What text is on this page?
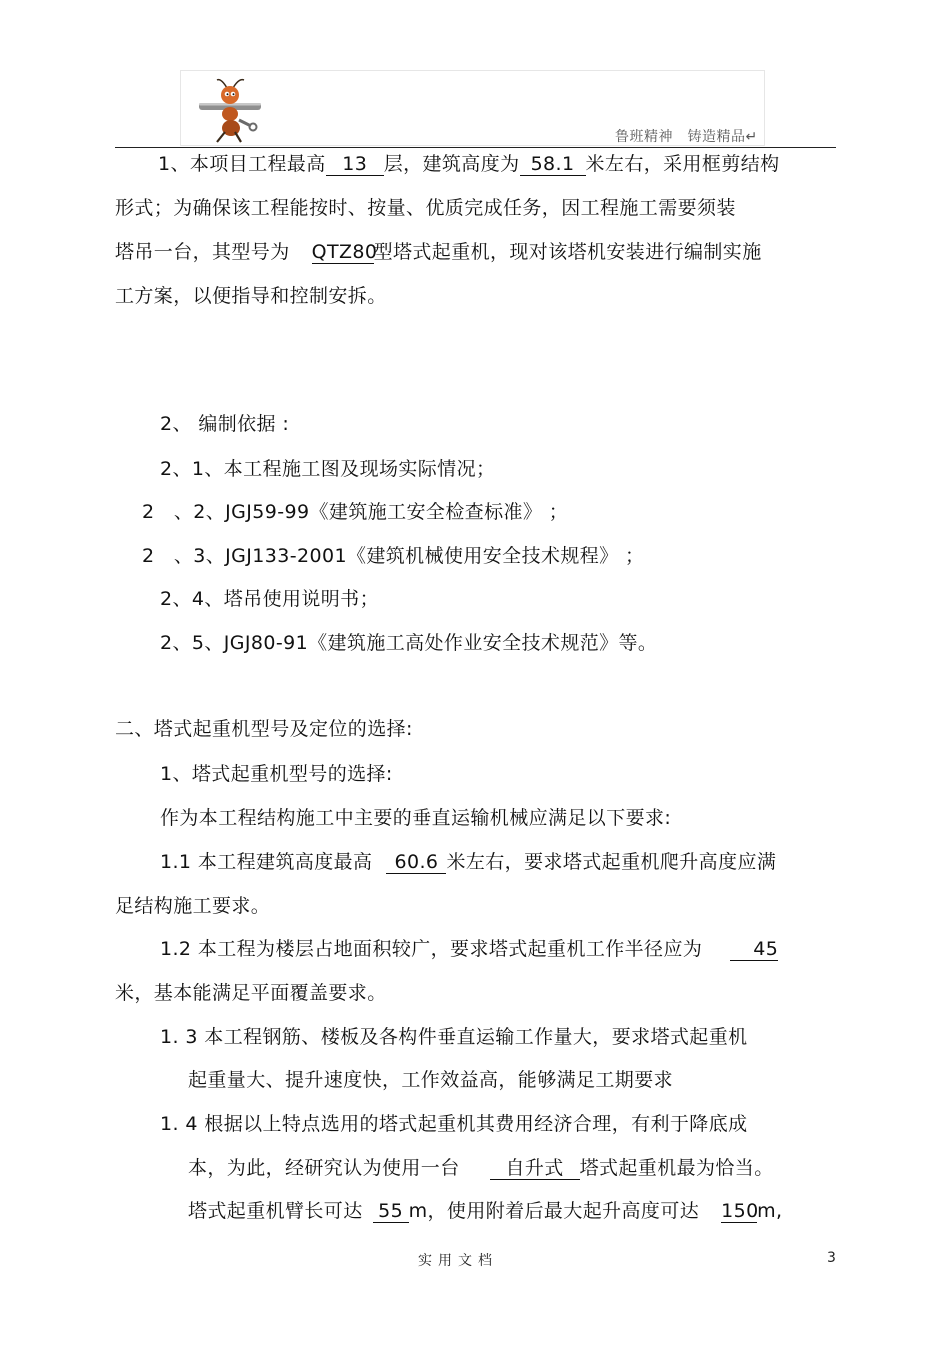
鲁班精神　铸造精品↵
1、本项目工程最高 13 层，建筑高度为 58.1 米左右，采用框剪结构
形式；为确保该工程能按时、按量、优质完成任务，因工程施工需要须装
塔吊一台，其型号为 QTZ80型塔式起重机，现对该塔机安装进行编制实施
工方案，以便指导和控制安拆。
2、 编制依据 :
2、1、本工程施工图及现场实际情况；
2　、2、JGJ59-99《建筑施工安全检查标准》 ；
2　、3、JGJ133-2001《建筑机械使用安全技术规程》 ；
2、4、塔吊使用说明书；
2、5、JGJ80-91《建筑施工高处作业安全技术规范》等。
二、塔式起重机型号及定位的选择:
1、塔式起重机型号的选择:
作为本工程结构施工中主要的垂直运输机械应满足以下要求:
1.1 本工程建筑高度最高 60.6 米左右，要求塔式起重机爬升高度应满
足结构施工要求。
1.2 本工程为楼层占地面积较广，要求塔式起重机工作半径应为	45
米，基本能满足平面覆盖要求。
1. 3 本工程钢筋、楼板及各构件垂直运输工作量大，要求塔式起重机
起重量大、提升速度快，工作效益高，能够满足工期要求
1. 4 根据以上特点选用的塔式起重机其费用经济合理，有利于降底成
本，为此，经研究认为使用一台 自升式 塔式起重机最为恰当。
塔式起重机臂长可达 55 m，使用附着后最大起升高度可达 150m,
实用文档	3
